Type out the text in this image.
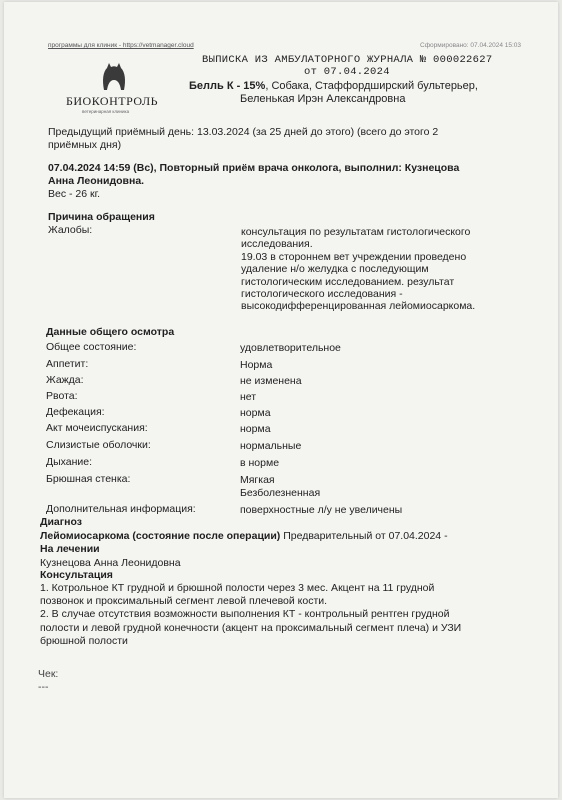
программы для клиник - https://vetmanager.cloud	Сформировано: 07.04.2024 15:03
БИОКОНТРОЛЬ
ветеринарная клиника
ВЫПИСКА ИЗ АМБУЛАТОРНОГО ЖУРНАЛА № 000022627
от 07.04.2024
Белль К - 15%, Собака, Стаффордширский бультерьер,
Беленькая Ирэн Александровна
Предыдущий приёмный день: 13.03.2024 (за 25 дней до этого) (всего до этого 2
приёмных дня)
07.04.2024 14:59 (Вс), Повторный приём врача онколога, выполнил: Кузнецова
Анна Леонидовна.
Вес - 26 кг.
Причина обращения
Жалобы:	консультация по результатам гистологического
исследования.
19.03 в стороннем вет учреждении проведено
удаление н/о желудка с последующим
гистологическим исследованием. результат
гистологического исследования -
высокодифференцированная лейомиосаркома.
Данные общего осмотра
Общее состояние:	удовлетворительное
Аппетит:	Норма
Жажда:	не изменена
Рвота:	нет
Дефекация:	норма
Акт мочеиспускания:	норма
Слизистые оболочки:	нормальные
Дыхание:	в норме
Брюшная стенка:	Мягкая
Безболезненная
Дополнительная информация:	поверхностные л/у не увеличены
Диагноз
Лейомиосаркома (состояние после операции) Предварительный от 07.04.2024 -
На лечении
Кузнецова Анна Леонидовна
Консультация
1. Котрольное КТ грудной и брюшной полости через 3 мес. Акцент на 11 грудной
позвонок и проксимальный сегмент левой плечевой кости.
2. В случае отсутствия возможности выполнения КТ - контрольный рентген грудной
полости и левой грудной конечности (акцент на проксимальный сегмент плеча) и УЗИ
брюшной полости
Чек:
---
